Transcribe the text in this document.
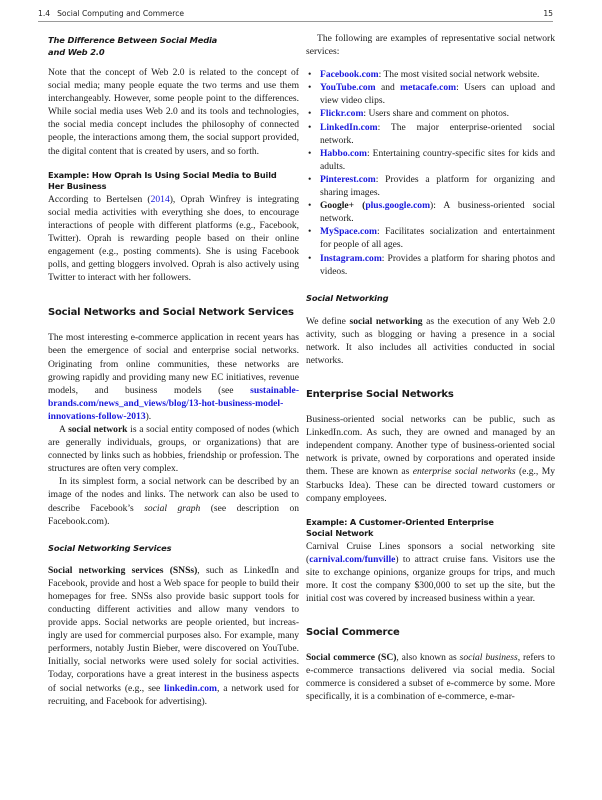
1.4 Social Computing and Commerce	15
The Difference Between Social Media
and Web 2.0

Note that the concept of Web 2.0 is related to the concept of social media; many people equate the two terms and use them interchangeably. However, some people point to the differences. While social media uses Web 2.0 and its tools and technologies, the social media concept includes the philosophy of connected people, the interactions among them, the social support provided, the digital content that is created by users, and so forth.

Example: How Oprah Is Using Social Media to Build
Her Business

According to Bertelsen (2014), Oprah Winfrey is integrating social media activities with everything she does, to encourage interactions of people with different platforms (e.g., Facebook, Twitter). Oprah is rewarding people based on their online engagement (e.g., posting comments). She is using Facebook polls, and getting bloggers involved. Oprah is also actively using Twitter to interact with her followers.

Social Networks and Social Network Services

The most interesting e-commerce application in recent years has been the emergence of social and enterprise social networks. Originating from online communities, these networks are growing rapidly and providing many new EC initiatives, revenue models, and business models (see sustainablebrands.com/news_and_views/blog/13-hot-business-model-innovations-follow-2013).

A social network is a social entity composed of nodes (which are generally individuals, groups, or organizations) that are connected by links such as hobbies, friendship or profession. The structures are often very complex.

In its simplest form, a social network can be described by an image of the nodes and links. The network can also be used to describe Facebook’s social graph (see description on Facebook.com).

Social Networking Services

Social networking services (SNSs), such as LinkedIn and Facebook, provide and host a Web space for people to build their homepages for free. SNSs also provide basic support tools for conducting different activities and allow many vendors to provide apps. Social networks are people oriented, but increasingly are used for commercial purposes also. For example, many performers, notably Justin Bieber, were discovered on YouTube. Initially, social networks were used solely for social activities. Today, corporations have a great interest in the business aspects of social networks (e.g., see linkedin.com, a network used for recruiting, and Facebook for advertising).

The following are examples of representative social network services:

• Facebook.com: The most visited social network website.
• YouTube.com and metacafe.com: Users can upload and view video clips.
• Flickr.com: Users share and comment on photos.
• LinkedIn.com: The major enterprise-oriented social network.
• Habbo.com: Entertaining country-specific sites for kids and adults.
• Pinterest.com: Provides a platform for organizing and sharing images.
• Google+ (plus.google.com): A business-oriented social network.
• MySpace.com: Facilitates socialization and entertainment for people of all ages.
• Instagram.com: Provides a platform for sharing photos and videos.
Social Networking

We define social networking as the execution of any Web 2.0 activity, such as blogging or having a presence in a social network. It also includes all activities conducted in social networks.

Enterprise Social Networks

Business-oriented social networks can be public, such as LinkedIn.com. As such, they are owned and managed by an independent company. Another type of business-oriented social network is private, owned by corporations and operated inside them. These are known as enterprise social networks (e.g., My Starbucks Idea). These can be directed toward customers or company employees.

Example: A Customer-Oriented Enterprise
Social Network

Carnival Cruise Lines sponsors a social networking site (carnival.com/funville) to attract cruise fans. Visitors use the site to exchange opinions, organize groups for trips, and much more. It cost the company $300,000 to set up the site, but the initial cost was covered by increased business within a year.

Social Commerce

Social commerce (SC), also known as social business, refers to e-commerce transactions delivered via social media. Social commerce is considered a subset of e-commerce by some. More specifically, it is a combination of e-commerce, e-mar-
